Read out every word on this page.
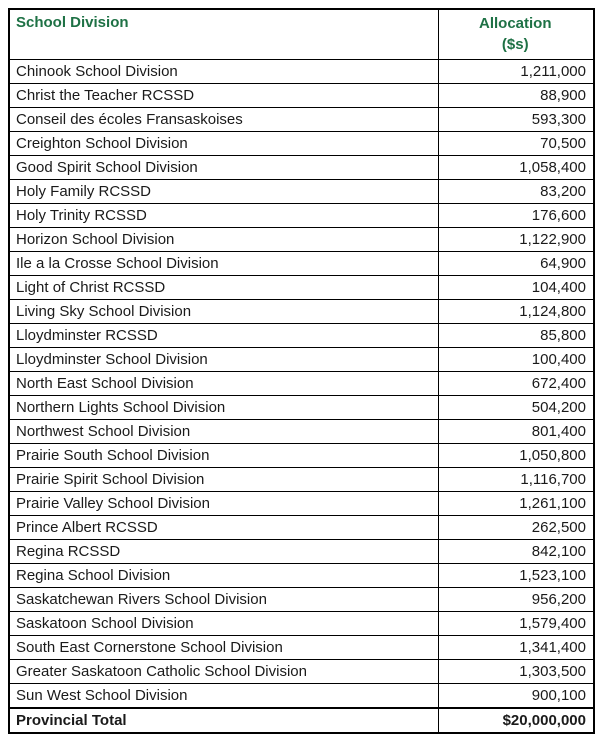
School Division	Allocation
($s)

Chinook School Division	1,211,000
Christ the Teacher RCSSD	88,900
Conseil des écoles Fransaskoises	593,300
Creighton School Division	70,500
Good Spirit School Division	1,058,400
Holy Family RCSSD	83,200
Holy Trinity RCSSD	176,600
Horizon School Division	1,122,900
Ile a la Crosse School Division	64,900
Light of Christ RCSSD	104,400
Living Sky School Division	1,124,800
Lloydminster RCSSD	85,800
Lloydminster School Division	100,400
North East School Division	672,400
Northern Lights School Division	504,200
Northwest School Division	801,400
Prairie South School Division	1,050,800
Prairie Spirit School Division	1,116,700
Prairie Valley School Division	1,261,100
Prince Albert RCSSD	262,500
Regina RCSSD	842,100
Regina School Division	1,523,100
Saskatchewan Rivers School Division	956,200
Saskatoon School Division	1,579,400
South East Cornerstone School Division	1,341,400
Greater Saskatoon Catholic School Division	1,303,500
Sun West School Division	900,100
Provincial Total	$20,000,000
